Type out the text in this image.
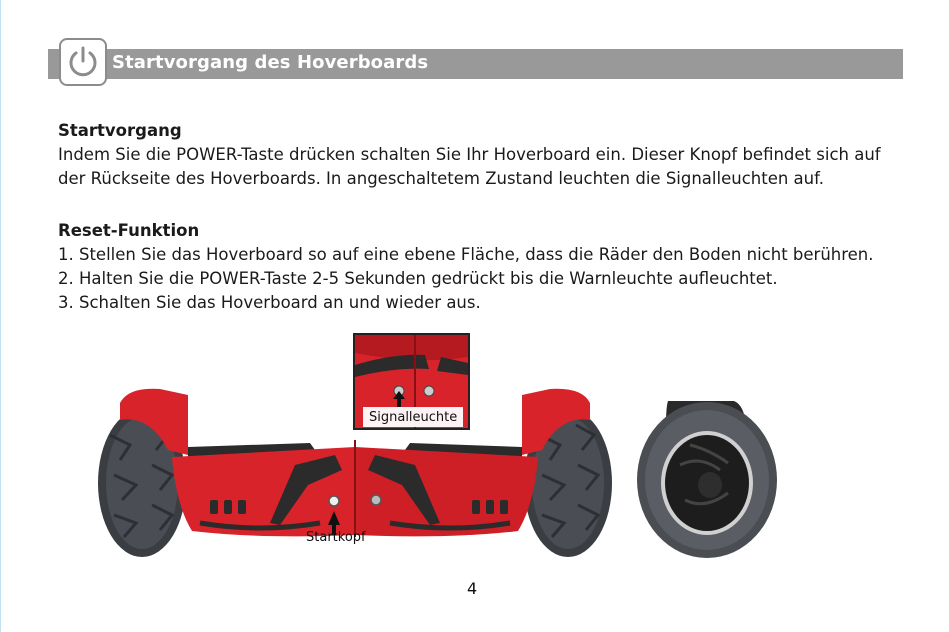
Startvorgang des Hoverboards
Startvorgang
Indem Sie die POWER-Taste drücken schalten Sie Ihr Hoverboard ein. Dieser Knopf befindet sich auf
der Rückseite des Hoverboards. In angeschaltetem Zustand leuchten die Signalleuchten auf.
Reset-Funktion
1. Stellen Sie das Hoverboard so auf eine ebene Fläche, dass die Räder den Boden nicht berühren.
2. Halten Sie die POWER-Taste 2-5 Sekunden gedrückt bis die Warnleuchte aufleuchtet.
3. Schalten Sie das Hoverboard an und wieder aus.
Signalleuchte
Startkopf
4
